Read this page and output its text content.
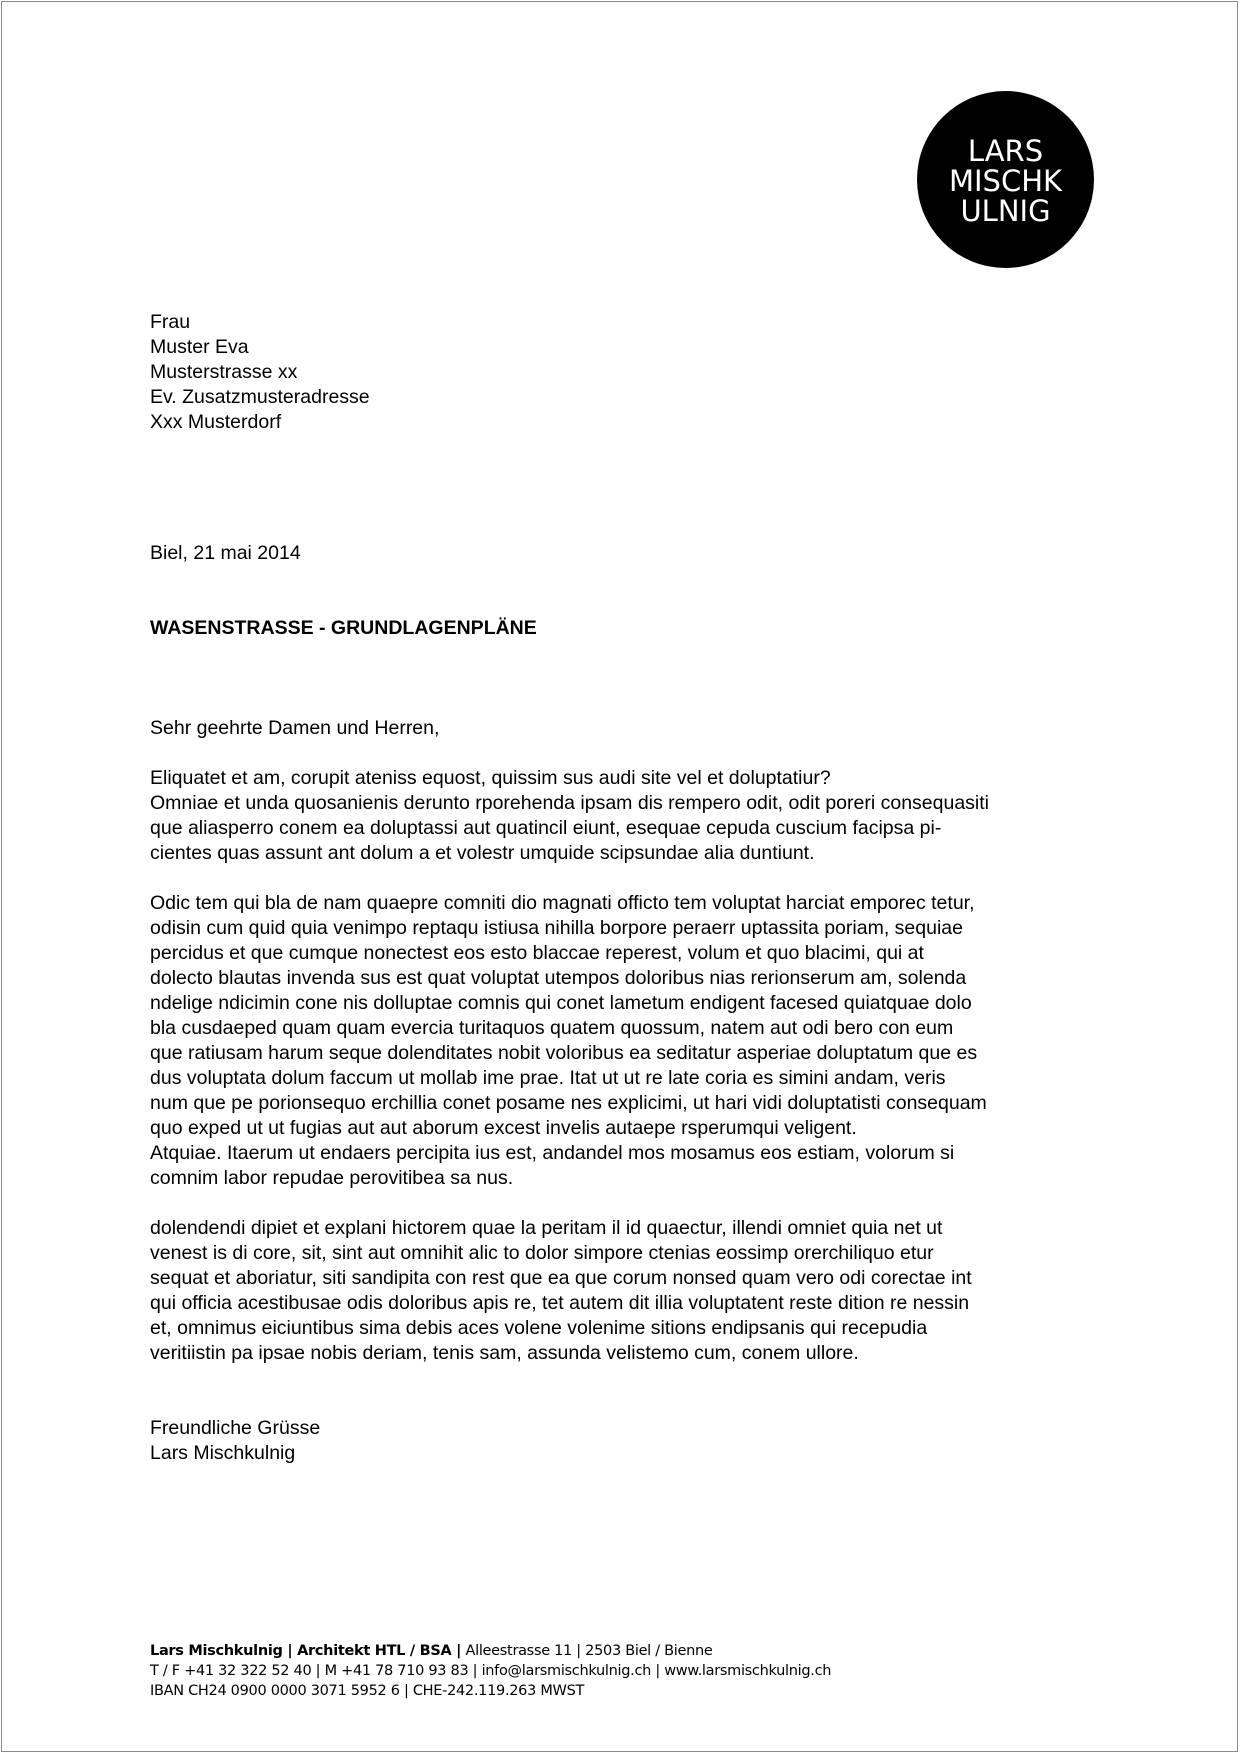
LARS
MISCHK
ULNIG
Frau
Muster Eva
Musterstrasse xx
Ev. Zusatzmusteradresse
Xxx Musterdorf
Biel, 21 mai 2014
WASENSTRASSE - GRUNDLAGENPLÄNE
Sehr geehrte Damen und Herren,
Eliquatet et am, corupit ateniss equost, quissim sus audi site vel et doluptatiur?
Omniae et unda quosanienis derunto rporehenda ipsam dis rempero odit, odit poreri consequasiti
que aliasperro conem ea doluptassi aut quatincil eiunt, esequae cepuda cuscium facipsa pi-
cientes quas assunt ant dolum a et volestr umquide scipsundae alia duntiunt.
Odic tem qui bla de nam quaepre comniti dio magnati officto tem voluptat harciat emporec tetur,
odisin cum quid quia venimpo reptaqu istiusa nihilla borpore peraerr uptassita poriam, sequiae
percidus et que cumque nonectest eos esto blaccae reperest, volum et quo blacimi, qui at
dolecto blautas invenda sus est quat voluptat utempos doloribus nias rerionserum am, solenda
ndelige ndicimin cone nis dolluptae comnis qui conet lametum endigent facesed quiatquae dolo
bla cusdaeped quam quam evercia turitaquos quatem quossum, natem aut odi bero con eum
que ratiusam harum seque dolenditates nobit voloribus ea seditatur asperiae doluptatum que es
dus voluptata dolum faccum ut mollab ime prae. Itat ut ut re late coria es simini andam, veris
num que pe porionsequo erchillia conet posame nes explicimi, ut hari vidi doluptatisti consequam
quo exped ut ut fugias aut aut aborum excest invelis autaepe rsperumqui veligent.
Atquiae. Itaerum ut endaers percipita ius est, andandel mos mosamus eos estiam, volorum si
comnim labor repudae perovitibea sa nus.
dolendendi dipiet et explani hictorem quae la peritam il id quaectur, illendi omniet quia net ut
venest is di core, sit, sint aut omnihit alic to dolor simpore ctenias eossimp orerchiliquo etur
sequat et aboriatur, siti sandipita con rest que ea que corum nonsed quam vero odi corectae int
qui officia acestibusae odis doloribus apis re, tet autem dit illia voluptatent reste dition re nessin
et, omnimus eiciuntibus sima debis aces volene volenime sitions endipsanis qui recepudia
veritiistin pa ipsae nobis deriam, tenis sam, assunda velistemo cum, conem ullore.
Freundliche Grüsse
Lars Mischkulnig
Lars Mischkulnig | Architekt HTL / BSA | Alleestrasse 11 | 2503 Biel / Bienne
T / F +41 32 322 52 40 | M +41 78 710 93 83 | info@larsmischkulnig.ch | www.larsmischkulnig.ch
IBAN CH24 0900 0000 3071 5952 6 | CHE-242.119.263 MWST
